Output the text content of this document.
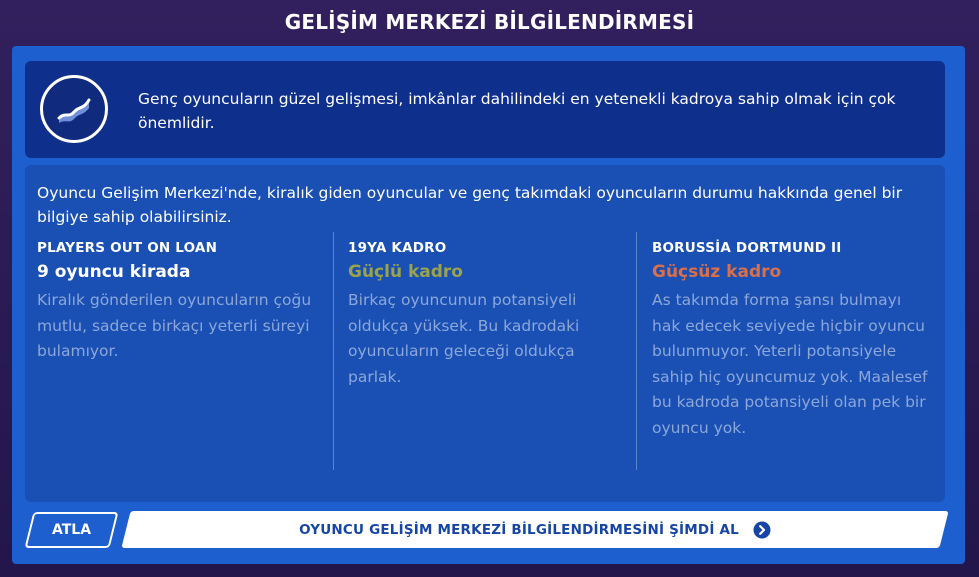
GELİŞİM MERKEZİ BİLGİLENDİRMESİ
Genç oyuncuların güzel gelişmesi, imkânlar dahilindeki en yetenekli kadroya sahip olmak için çok önemlidir.
Oyuncu Gelişim Merkezi'nde, kiralık giden oyuncular ve genç takımdaki oyuncuların durumu hakkında genel bir bilgiye sahip olabilirsiniz.
PLAYERS OUT ON LOAN
9 oyuncu kirada
Kiralık gönderilen oyuncuların çoğu mutlu, sadece birkaçı yeterli süreyi bulamıyor.
19YA KADRO
Güçlü kadro
Birkaç oyuncunun potansiyeli oldukça yüksek. Bu kadrodaki oyuncuların geleceği oldukça parlak.
BORUSSİA DORTMUND II
Güçsüz kadro
As takımda forma şansı bulmayı hak edecek seviyede hiçbir oyuncu bulunmuyor. Yeterli potansiyele sahip hiç oyuncumuz yok. Maalesef bu kadroda potansiyeli olan pek bir oyuncu yok.
ATLA	OYUNCU GELİŞİM MERKEZİ BİLGİLENDİRMESİNİ ŞİMDİ AL
